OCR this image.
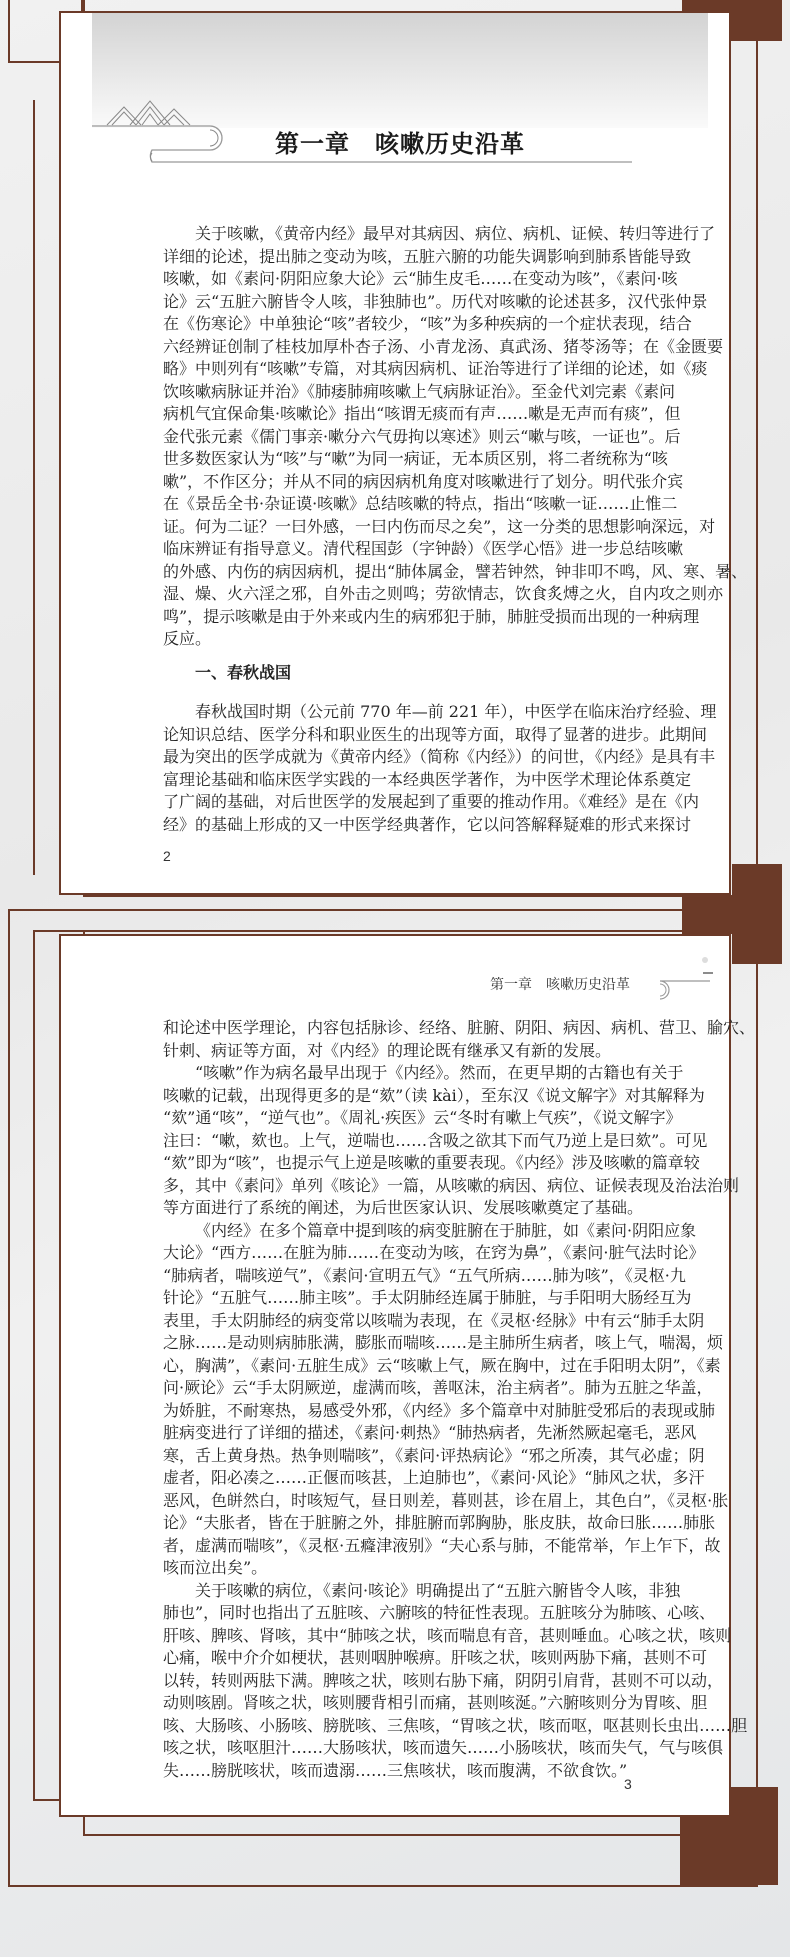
第一章　咳嗽历史沿革
关于咳嗽，《黄帝内经》最早对其病因、病位、病机、证候、转归等进行了
详细的论述，提出肺之变动为咳，五脏六腑的功能失调影响到肺系皆能导致
咳嗽，如《素问·阴阳应象大论》云“肺生皮毛……在变动为咳”，《素问·咳
论》云“五脏六腑皆令人咳，非独肺也”。历代对咳嗽的论述甚多，汉代张仲景
在《伤寒论》中单独论“咳”者较少，“咳”为多种疾病的一个症状表现，结合
六经辨证创制了桂枝加厚朴杏子汤、小青龙汤、真武汤、猪苓汤等；在《金匮要
略》中则列有“咳嗽”专篇，对其病因病机、证治等进行了详细的论述，如《痰
饮咳嗽病脉证并治》《肺痿肺痈咳嗽上气病脉证治》。至金代刘完素《素问
病机气宜保命集·咳嗽论》指出“咳谓无痰而有声……嗽是无声而有痰”，但
金代张元素《儒门事亲·嗽分六气毋拘以寒述》则云“嗽与咳，一证也”。后
世多数医家认为“咳”与“嗽”为同一病证，无本质区别，将二者统称为“咳
嗽”，不作区分；并从不同的病因病机角度对咳嗽进行了划分。明代张介宾
在《景岳全书·杂证谟·咳嗽》总结咳嗽的特点，指出“咳嗽一证……止惟二
证。何为二证？一曰外感，一曰内伤而尽之矣”，这一分类的思想影响深远，对
临床辨证有指导意义。清代程国彭（字钟龄）《医学心悟》进一步总结咳嗽
的外感、内伤的病因病机，提出“肺体属金，譬若钟然，钟非叩不鸣，风、寒、暑、
湿、燥、火六淫之邪，自外击之则鸣；劳欲情志，饮食炙煿之火，自内攻之则亦
鸣”，提示咳嗽是由于外来或内生的病邪犯于肺，肺脏受损而出现的一种病理
反应。
一、春秋战国
春秋战国时期（公元前 770 年—前 221 年），中医学在临床治疗经验、理
论知识总结、医学分科和职业医生的出现等方面，取得了显著的进步。此期间
最为突出的医学成就为《黄帝内经》（简称《内经》）的问世，《内经》是具有丰
富理论基础和临床医学实践的一本经典医学著作，为中医学术理论体系奠定
了广阔的基础，对后世医学的发展起到了重要的推动作用。《难经》是在《内
经》的基础上形成的又一中医学经典著作，它以问答解释疑难的形式来探讨
2
第一章　咳嗽历史沿革
和论述中医学理论，内容包括脉诊、经络、脏腑、阴阳、病因、病机、营卫、腧穴、
针刺、病证等方面，对《内经》的理论既有继承又有新的发展。
“咳嗽”作为病名最早出现于《内经》。然而，在更早期的古籍也有关于
咳嗽的记载，出现得更多的是“欬”（读 kài），至东汉《说文解字》对其解释为
“欬”通“咳”，“逆气也”。《周礼·疾医》云“冬时有嗽上气疾”，《说文解字》
注曰：“嗽，欬也。上气，逆喘也……含吸之欲其下而气乃逆上是曰欬”。可见
“欬”即为“咳”，也提示气上逆是咳嗽的重要表现。《内经》涉及咳嗽的篇章较
多，其中《素问》单列《咳论》一篇，从咳嗽的病因、病位、证候表现及治法治则
等方面进行了系统的阐述，为后世医家认识、发展咳嗽奠定了基础。
《内经》在多个篇章中提到咳的病变脏腑在于肺脏，如《素问·阴阳应象
大论》“西方……在脏为肺……在变动为咳，在窍为鼻”，《素问·脏气法时论》
“肺病者，喘咳逆气”，《素问·宣明五气》“五气所病……肺为咳”，《灵枢·九
针论》“五脏气……肺主咳”。手太阴肺经连属于肺脏，与手阳明大肠经互为
表里，手太阴肺经的病变常以咳喘为表现，在《灵枢·经脉》中有云“肺手太阴
之脉……是动则病肺胀满，膨胀而喘咳……是主肺所生病者，咳上气，喘渴，烦
心，胸满”，《素问·五脏生成》云“咳嗽上气，厥在胸中，过在手阳明太阴”，《素
问·厥论》云“手太阴厥逆，虚满而咳，善呕沫，治主病者”。肺为五脏之华盖，
为娇脏，不耐寒热，易感受外邪，《内经》多个篇章中对肺脏受邪后的表现或肺
脏病变进行了详细的描述，《素问·刺热》“肺热病者，先淅然厥起毫毛，恶风
寒，舌上黄身热。热争则喘咳”，《素问·评热病论》“邪之所凑，其气必虚；阴
虚者，阳必凑之……正偃而咳甚，上迫肺也”，《素问·风论》“肺风之状，多汗
恶风，色皏然白，时咳短气，昼日则差，暮则甚，诊在眉上，其色白”，《灵枢·胀
论》“夫胀者，皆在于脏腑之外，排脏腑而郭胸胁，胀皮肤，故命曰胀……肺胀
者，虚满而喘咳”，《灵枢·五癃津液别》“夫心系与肺，不能常举，乍上乍下，故
咳而泣出矣”。
关于咳嗽的病位，《素问·咳论》明确提出了“五脏六腑皆令人咳，非独
肺也”，同时也指出了五脏咳、六腑咳的特征性表现。五脏咳分为肺咳、心咳、
肝咳、脾咳、肾咳，其中“肺咳之状，咳而喘息有音，甚则唾血。心咳之状，咳则
心痛，喉中介介如梗状，甚则咽肿喉痹。肝咳之状，咳则两胁下痛，甚则不可
以转，转则两胠下满。脾咳之状，咳则右胁下痛，阴阴引肩背，甚则不可以动，
动则咳剧。肾咳之状，咳则腰背相引而痛，甚则咳涎。”六腑咳则分为胃咳、胆
咳、大肠咳、小肠咳、膀胱咳、三焦咳，“胃咳之状，咳而呕，呕甚则长虫出……胆
咳之状，咳呕胆汁……大肠咳状，咳而遗矢……小肠咳状，咳而失气，气与咳俱
失……膀胱咳状，咳而遗溺……三焦咳状，咳而腹满，不欲食饮。”
3
